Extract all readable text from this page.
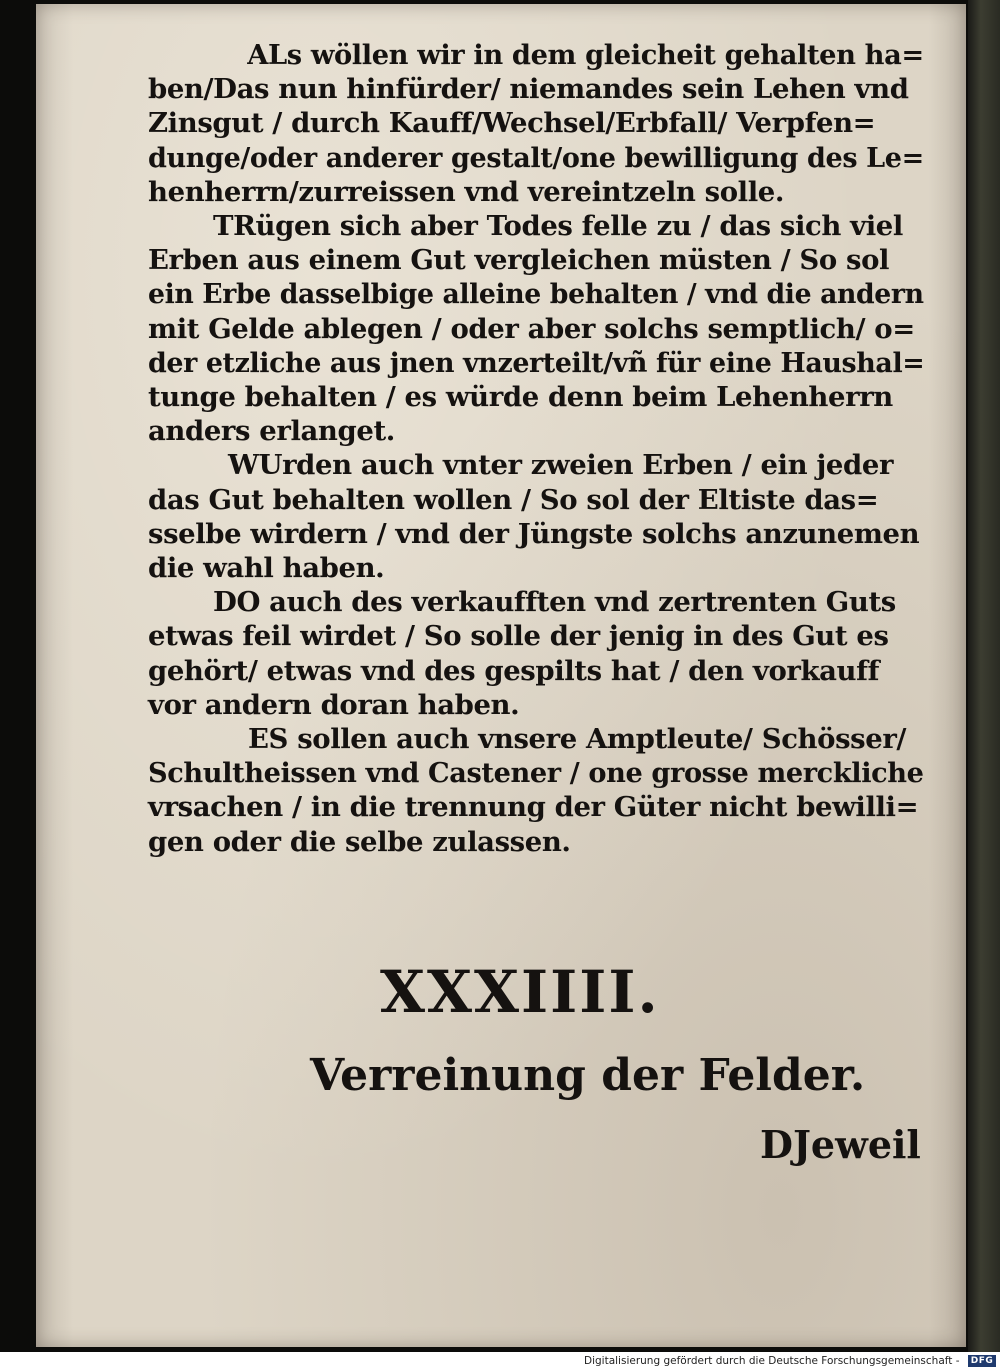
ALs wöllen wir in dem gleicheit gehalten ha=
ben/Das nun hinfürder/ niemandes sein Lehen vnd
Zinsgut / durch Kauff/Wechsel/Erbfall/ Verpfen=
dunge/oder anderer gestalt/one bewilligung des Le=
henherrn/zurreissen vnd vereintzeln solle.

TRügen sich aber Todes felle zu / das sich viel
Erben aus einem Gut vergleichen müsten / So sol
ein Erbe dasselbige alleine behalten / vnd die andern
mit Gelde ablegen / oder aber solchs semptlich/ o=
der etzliche aus jnen vnzerteilt/vñ für eine Haushal=
tunge behalten / es würde denn beim Lehenherrn
anders erlanget.

WUrden auch vnter zweien Erben / ein jeder
das Gut behalten wollen / So sol der Eltiste das=
sselbe wirdern / vnd der Jüngste solchs anzunemen
die wahl haben.

DO auch des verkaufften vnd zertrenten Guts
etwas feil wirdet / So solle der jenig in des Gut es
gehört/ etwas vnd des gespilts hat / den vorkauff
vor andern doran haben.

ES sollen auch vnsere Amptleute/ Schösser/
Schultheissen vnd Castener / one grosse merckliche
vrsachen / in die trennung der Güter nicht bewilli=
gen oder die selbe zulassen.

XXXIIII.
Verreinung der Felder.
DJeweil
Digitalisierung gefördert durch die Deutsche Forschungsgemeinschaft -	DFG
